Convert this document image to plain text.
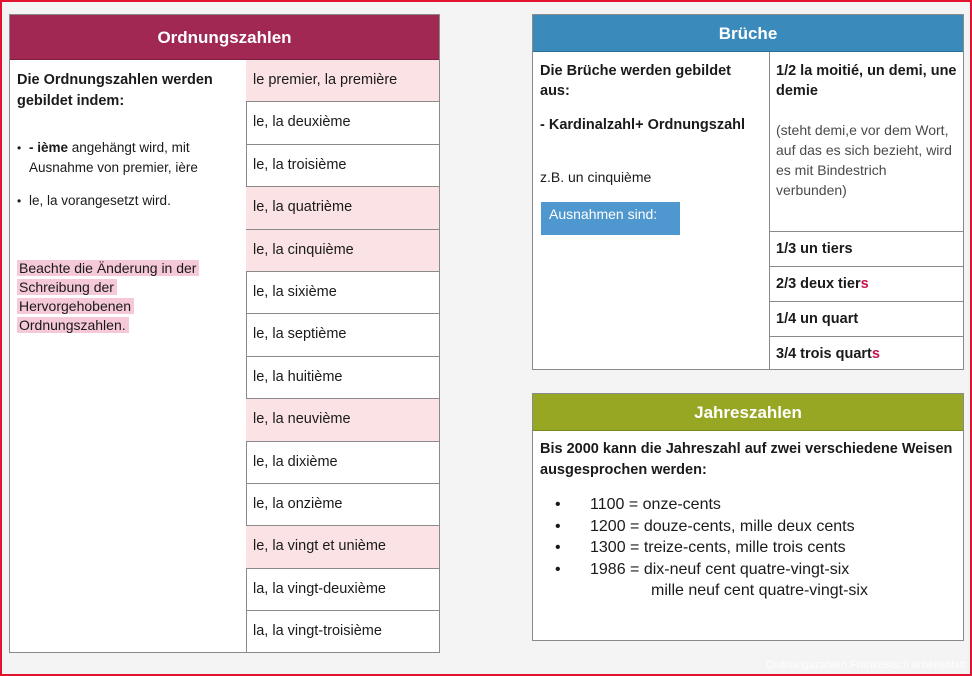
Ordnungszahlen
Die Ordnungszahlen werden gebildet indem:
• - ième angehängt wird, mit Ausnahme von premier, ière
• le, la vorangesetzt wird.
Beachte die Änderung in der Schreibung der Hervorgehobenen Ordnungszahlen.
le premier, la première
le, la deuxième
le, la troisième
le, la quatrième
le, la cinquième
le, la sixième
le, la septième
le, la huitième
le, la neuvième
le, la dixième
le, la onzième
le, la vingt et unième
la, la vingt-deuxième
la, la vingt-troisième
Brüche
Die Brüche werden gebildet aus:
- Kardinalzahl+ Ordnungszahl
z.B. un cinquième
Ausnahmen sind:
1/2 la moitié, un demi, une demie
(steht demi,e vor dem Wort, auf das es sich bezieht, wird es mit Bindestrich verbunden)
1/3 un tiers
2/3 deux tiers
1/4 un quart
3/4 trois quarts
Jahreszahlen
Bis 2000 kann die Jahreszahl auf zwei verschiedene Weisen ausgesprochen werden:
• 1100 = onze-cents
• 1200 = douze-cents, mille deux cents
• 1300 = treize-cents, mille trois cents
• 1986 = dix-neuf cent quatre-vingt-six
mille neuf cent quatre-vingt-six
Ordnungszahlen Französisch arbeitsblatt
